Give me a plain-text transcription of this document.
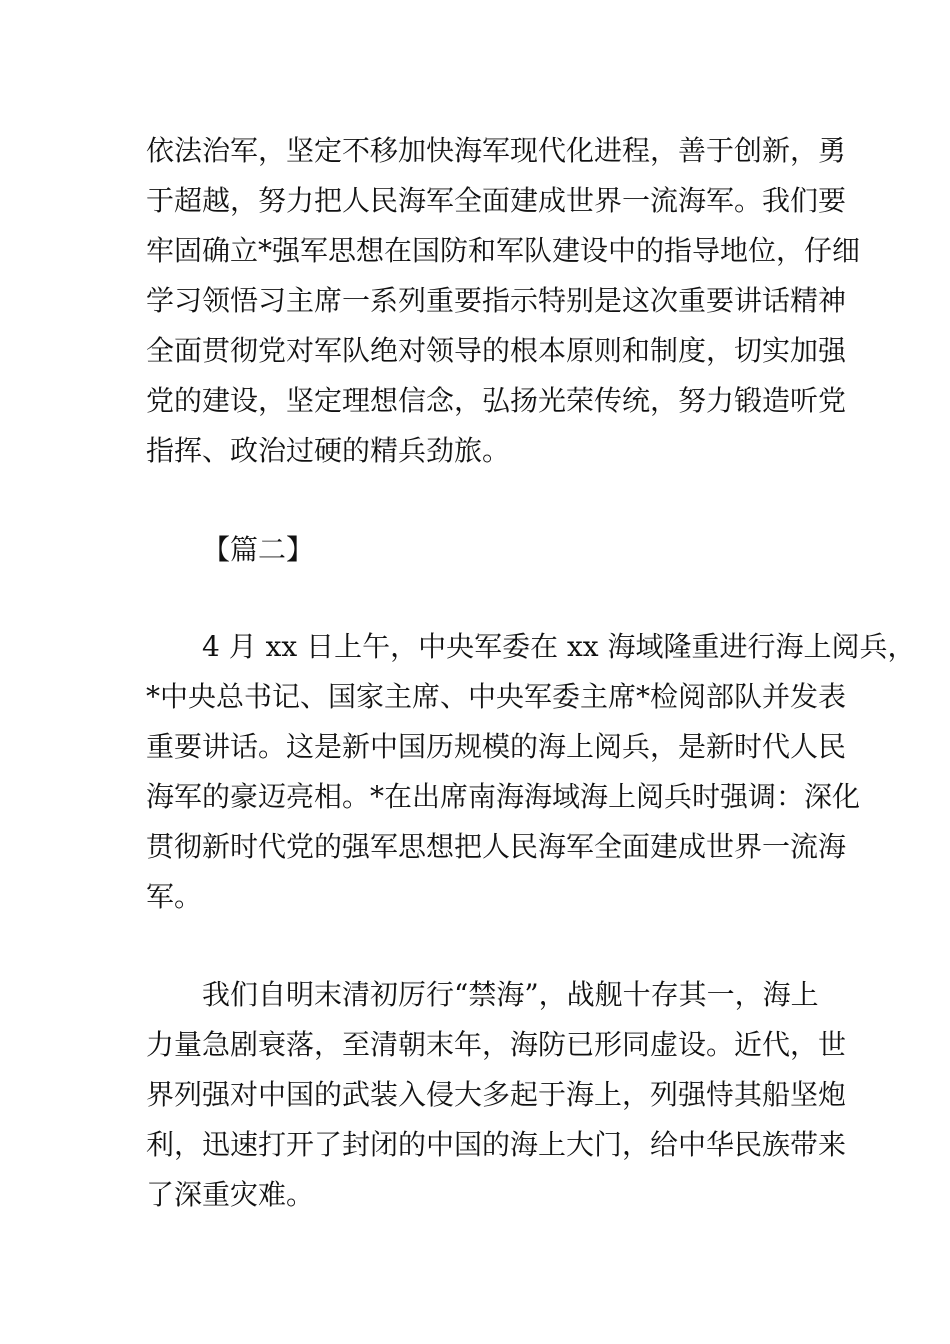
依法治军，坚定不移加快海军现代化进程，善于创新，勇
于超越，努力把人民海军全面建成世界一流海军。我们要
牢固确立*强军思想在国防和军队建设中的指导地位，仔细
学习领悟习主席一系列重要指示特别是这次重要讲话精神
全面贯彻党对军队绝对领导的根本原则和制度，切实加强
党的建设，坚定理想信念，弘扬光荣传统，努力锻造听党
指挥、政治过硬的精兵劲旅。
【篇二】
4 月 xx 日上午，中央军委在 xx 海域隆重进行海上阅兵，
*中央总书记、国家主席、中央军委主席*检阅部队并发表
重要讲话。这是新中国历规模的海上阅兵，是新时代人民
海军的豪迈亮相。*在出席南海海域海上阅兵时强调：深化
贯彻新时代党的强军思想把人民海军全面建成世界一流海
军。
我们自明末清初厉行“禁海”，战舰十存其一，海上
力量急剧衰落，至清朝末年，海防已形同虚设。近代，世
界列强对中国的武装入侵大多起于海上，列强恃其船坚炮
利，迅速打开了封闭的中国的海上大门，给中华民族带来
了深重灾难。
